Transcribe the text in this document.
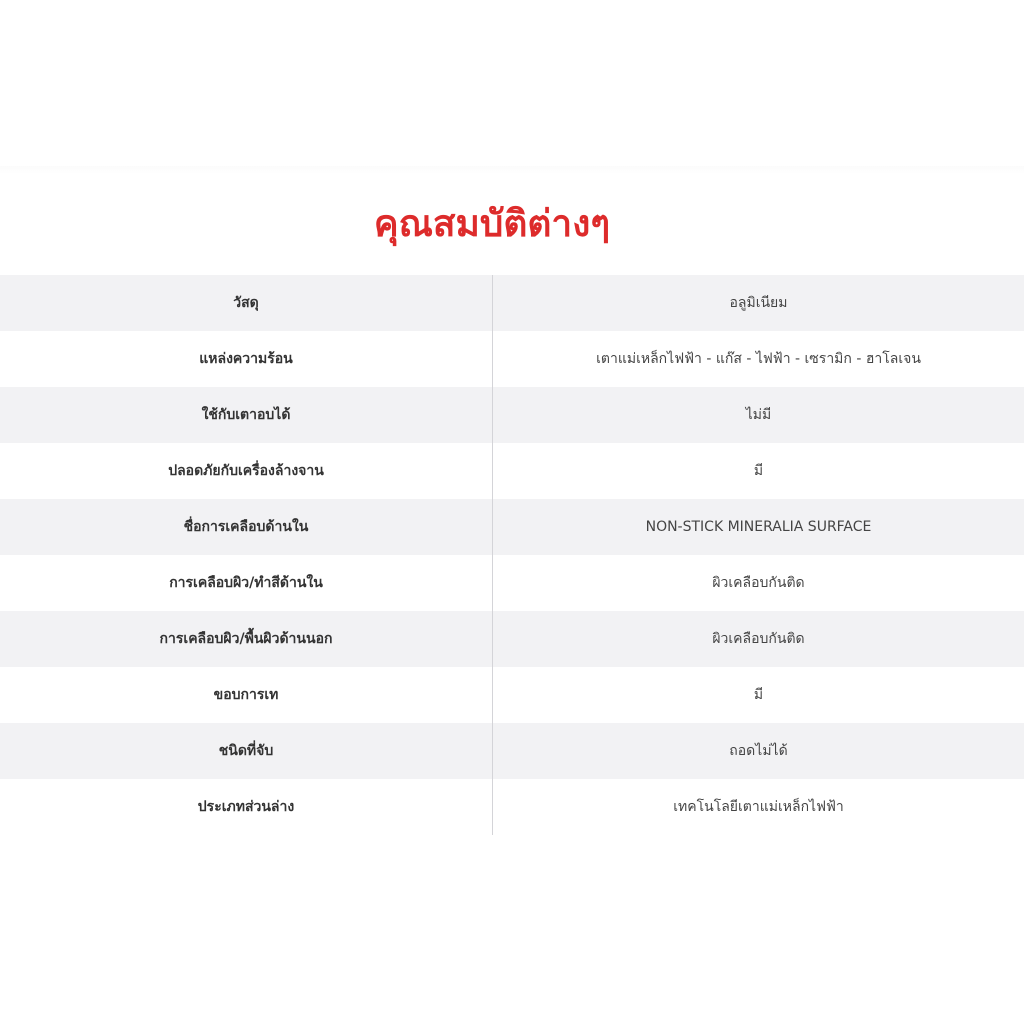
คุณสมบัติต่างๆ
วัสดุ	อลูมิเนียม
แหล่งความร้อน	เตาแม่เหล็กไฟฟ้า - แก๊ส - ไฟฟ้า - เซรามิก - ฮาโลเจน
ใช้กับเตาอบได้	ไม่มี
ปลอดภัยกับเครื่องล้างจาน	มี
ชื่อการเคลือบด้านใน	NON-STICK MINERALIA SURFACE
การเคลือบผิว/ทำสีด้านใน	ผิวเคลือบกันติด
การเคลือบผิว/พื้นผิวด้านนอก	ผิวเคลือบกันติด
ขอบการเท	มี
ชนิดที่จับ	ถอดไม่ได้
ประเภทส่วนล่าง	เทคโนโลยีเตาแม่เหล็กไฟฟ้า
